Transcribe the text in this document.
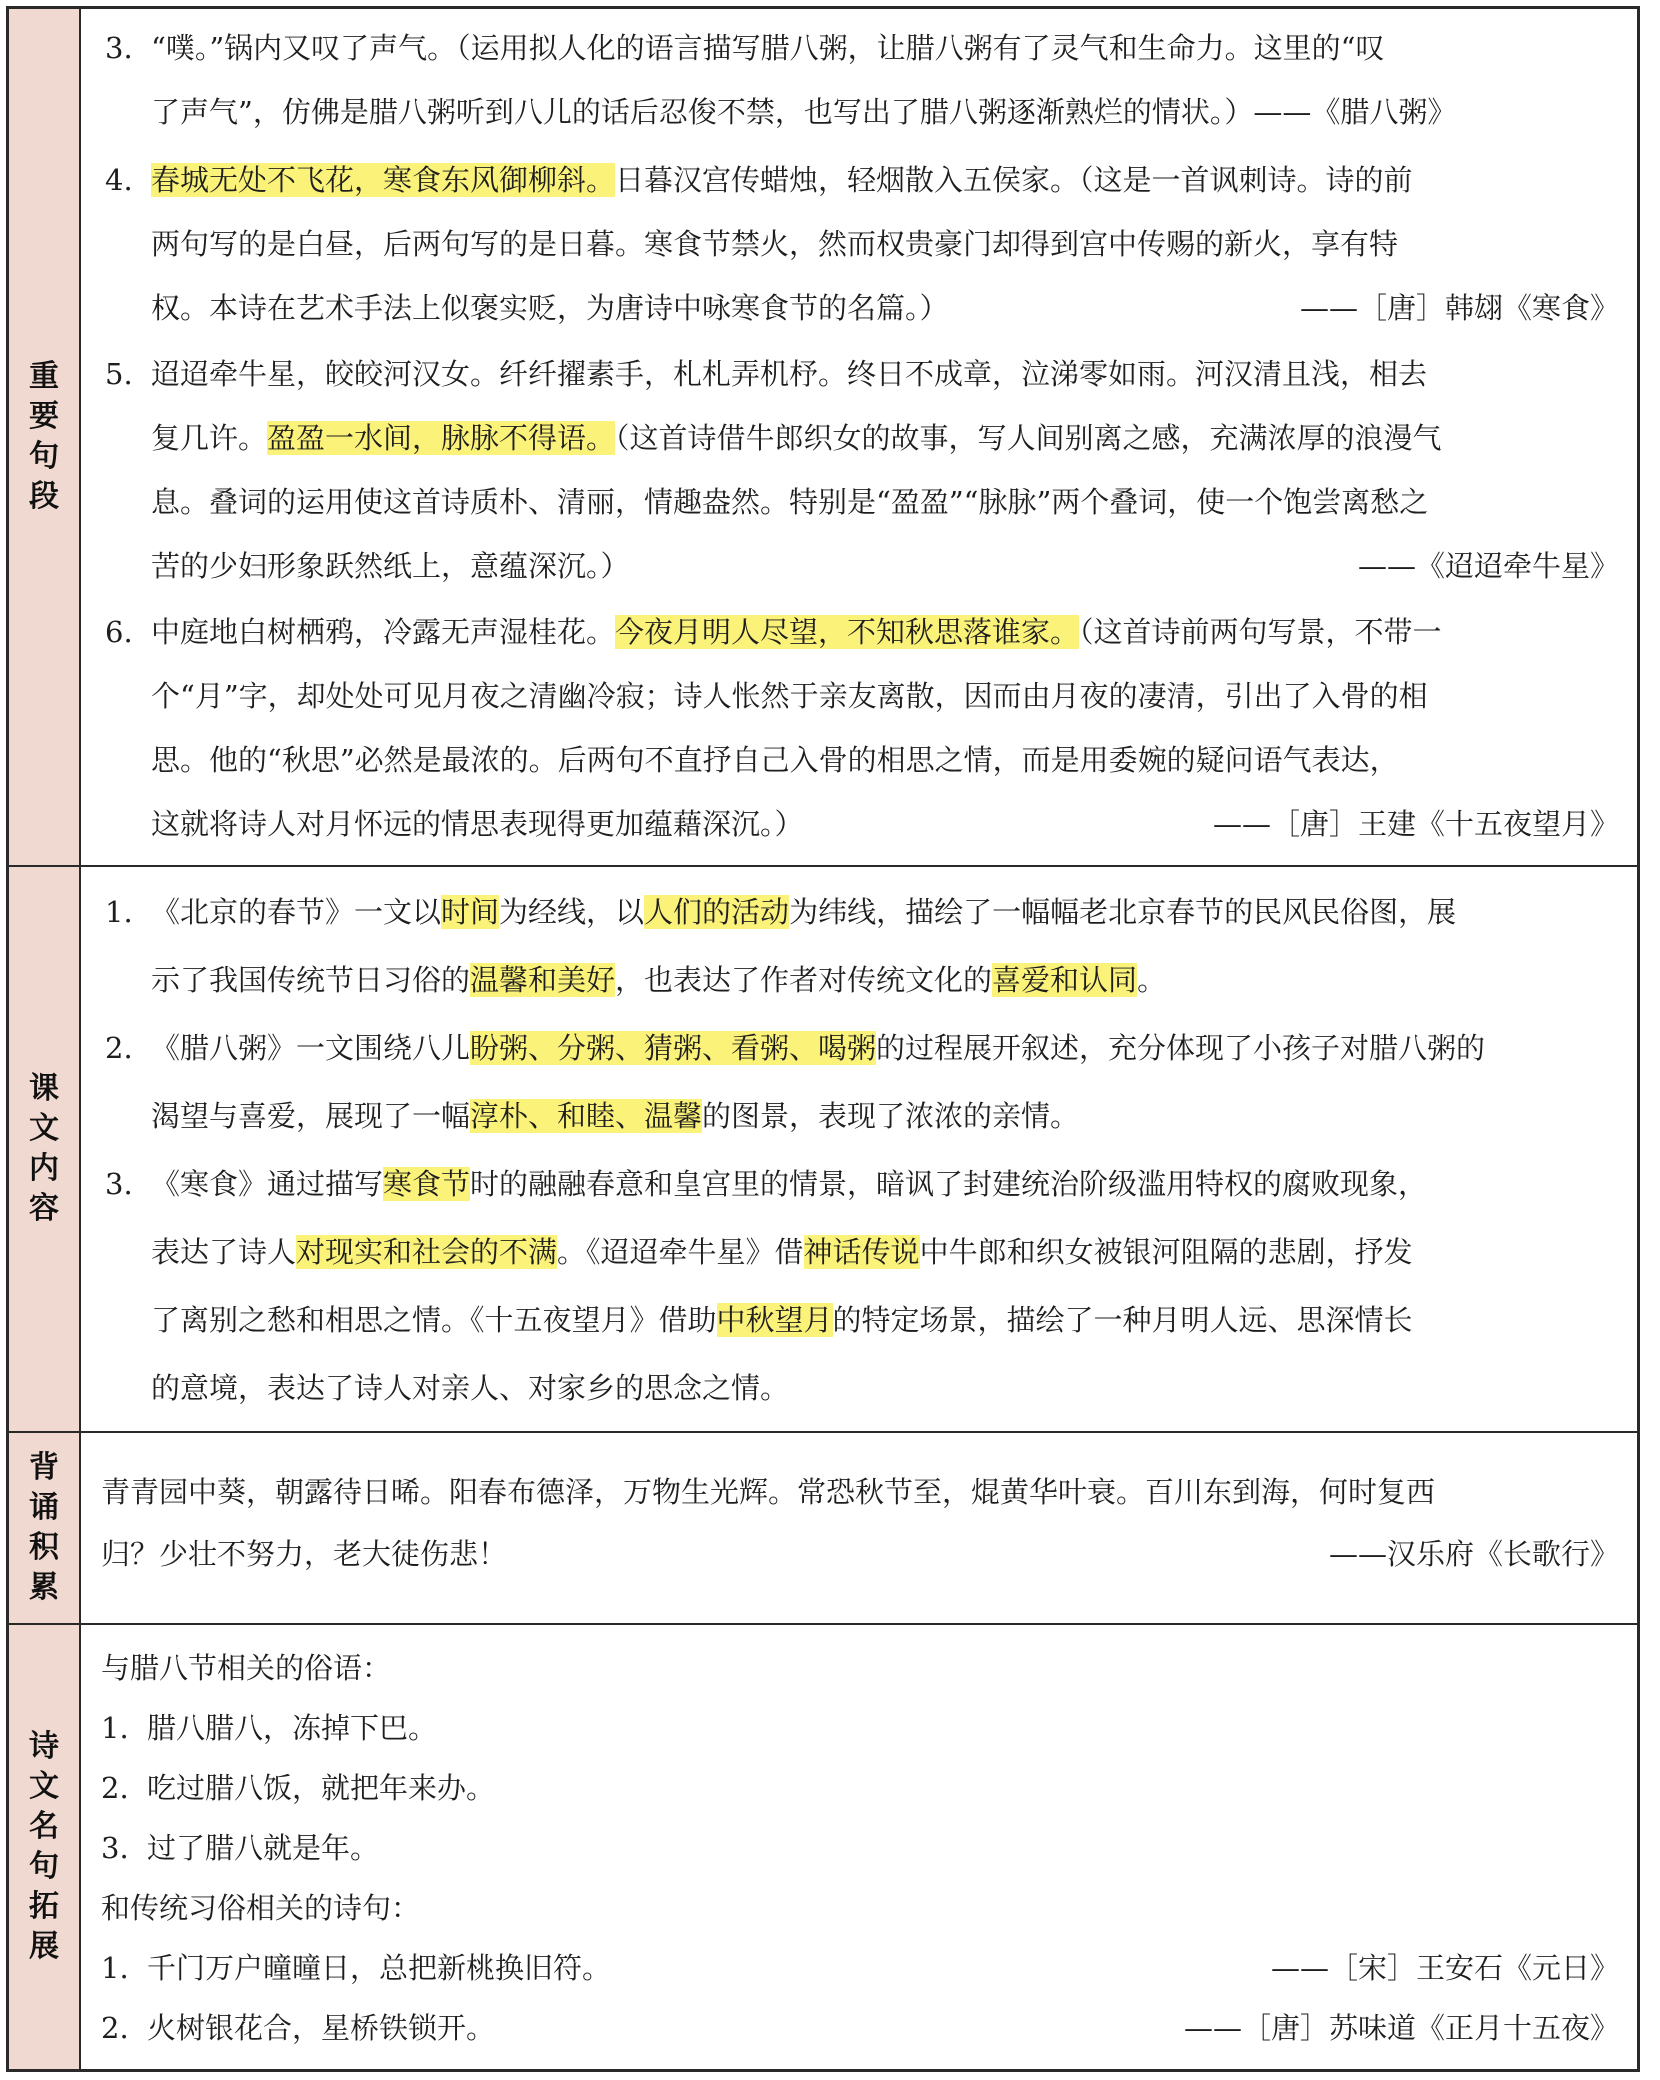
重要句段
3. “噗。”锅内又叹了声气。（运用拟人化的语言描写腊八粥，让腊八粥有了灵气和生命力。这里的“叹
了声气”，仿佛是腊八粥听到八儿的话后忍俊不禁，也写出了腊八粥逐渐熟烂的情状。）——《腊八粥》
4. 春城无处不飞花，寒食东风御柳斜。日暮汉宫传蜡烛，轻烟散入五侯家。（这是一首讽刺诗。诗的前
两句写的是白昼，后两句写的是日暮。寒食节禁火，然而权贵豪门却得到宫中传赐的新火，享有特
权。本诗在艺术手法上似褒实贬，为唐诗中咏寒食节的名篇。）	——［唐］韩翃《寒食》
5. 迢迢牵牛星，皎皎河汉女。纤纤擢素手，札札弄机杼。终日不成章，泣涕零如雨。河汉清且浅，相去
复几许。盈盈一水间，脉脉不得语。（这首诗借牛郎织女的故事，写人间别离之感，充满浓厚的浪漫气
息。叠词的运用使这首诗质朴、清丽，情趣盎然。特别是“盈盈”“脉脉”两个叠词，使一个饱尝离愁之
苦的少妇形象跃然纸上，意蕴深沉。）	——《迢迢牵牛星》
6. 中庭地白树栖鸦，冷露无声湿桂花。今夜月明人尽望，不知秋思落谁家。（这首诗前两句写景，不带一
个“月”字，却处处可见月夜之清幽冷寂；诗人怅然于亲友离散，因而由月夜的凄清，引出了入骨的相
思。他的“秋思”必然是最浓的。后两句不直抒自己入骨的相思之情，而是用委婉的疑问语气表达，
这就将诗人对月怀远的情思表现得更加蕴藉深沉。）	——［唐］王建《十五夜望月》
课文内容
1. 《北京的春节》一文以时间为经线，以人们的活动为纬线，描绘了一幅幅老北京春节的民风民俗图，展
示了我国传统节日习俗的温馨和美好，也表达了作者对传统文化的喜爱和认同。
2. 《腊八粥》一文围绕八儿盼粥、分粥、猜粥、看粥、喝粥的过程展开叙述，充分体现了小孩子对腊八粥的
渴望与喜爱，展现了一幅淳朴、和睦、温馨的图景，表现了浓浓的亲情。
3. 《寒食》通过描写寒食节时的融融春意和皇宫里的情景，暗讽了封建统治阶级滥用特权的腐败现象，
表达了诗人对现实和社会的不满。《迢迢牵牛星》借神话传说中牛郎和织女被银河阻隔的悲剧，抒发
了离别之愁和相思之情。《十五夜望月》借助中秋望月的特定场景，描绘了一种月明人远、思深情长
的意境，表达了诗人对亲人、对家乡的思念之情。
背诵积累
青青园中葵，朝露待日晞。阳春布德泽，万物生光辉。常恐秋节至，焜黄华叶衰。百川东到海，何时复西
归？少壮不努力，老大徒伤悲！	——汉乐府《长歌行》
诗文名句拓展
与腊八节相关的俗语：
1. 腊八腊八，冻掉下巴。
2. 吃过腊八饭，就把年来办。
3. 过了腊八就是年。
和传统习俗相关的诗句：
1. 千门万户曈曈日，总把新桃换旧符。	——［宋］王安石《元日》
2. 火树银花合，星桥铁锁开。	——［唐］苏味道《正月十五夜》
